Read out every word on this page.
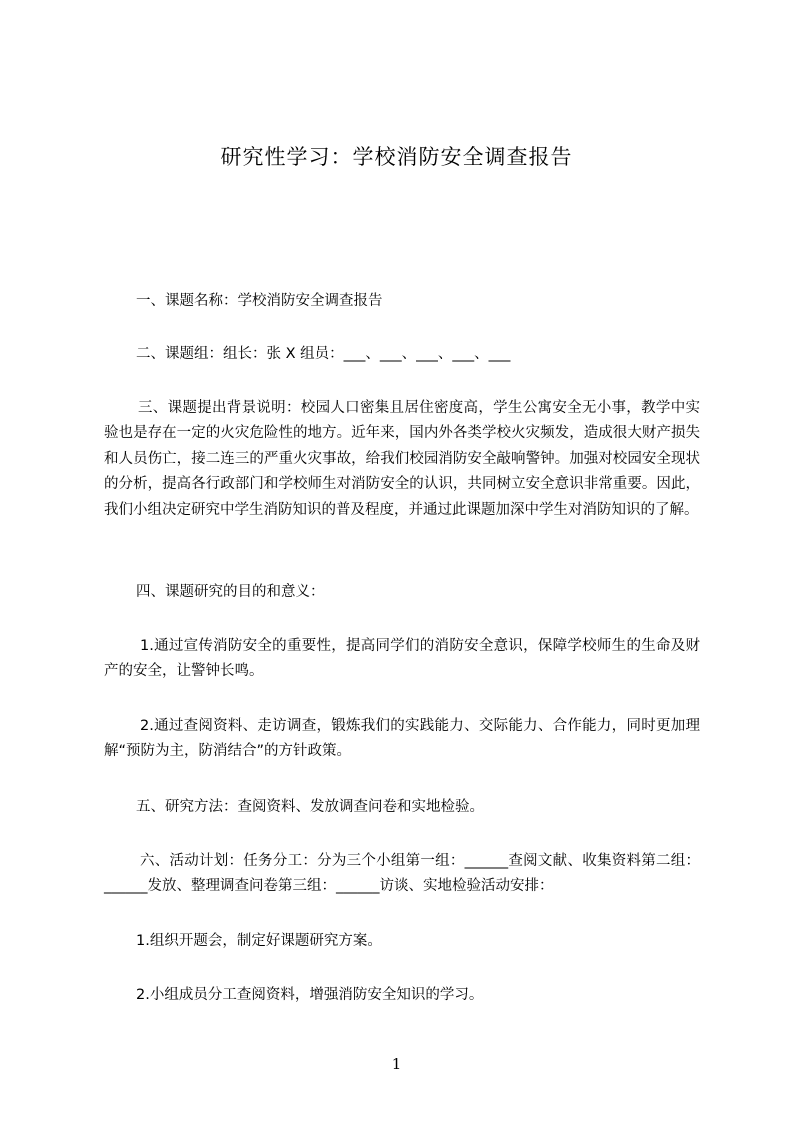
研究性学习：学校消防安全调查报告

一、课题名称：学校消防安全调查报告

二、课题组：组长：张 X 组员：___、___、___、___、___

三、课题提出背景说明：校园人口密集且居住密度高，学生公寓安全无小事，教学中实验也是存在一定的火灾危险性的地方。近年来，国内外各类学校火灾频发，造成很大财产损失和人员伤亡，接二连三的严重火灾事故，给我们校园消防安全敲响警钟。加强对校园安全现状的分析，提高各行政部门和学校师生对消防安全的认识，共同树立安全意识非常重要。因此，我们小组决定研究中学生消防知识的普及程度，并通过此课题加深中学生对消防知识的了解。

四、课题研究的目的和意义：

1.通过宣传消防安全的重要性，提高同学们的消防安全意识，保障学校师生的生命及财产的安全，让警钟长鸣。

2.通过查阅资料、走访调查，锻炼我们的实践能力、交际能力、合作能力，同时更加理解“预防为主，防消结合”的方针政策。

五、研究方法：查阅资料、发放调查问卷和实地检验。

六、活动计划：任务分工：分为三个小组第一组：______查阅文献、收集资料第二组：______发放、整理调查问卷第三组：______访谈、实地检验活动安排：

1.组织开题会，制定好课题研究方案。

2.小组成员分工查阅资料，增强消防安全知识的学习。

1
